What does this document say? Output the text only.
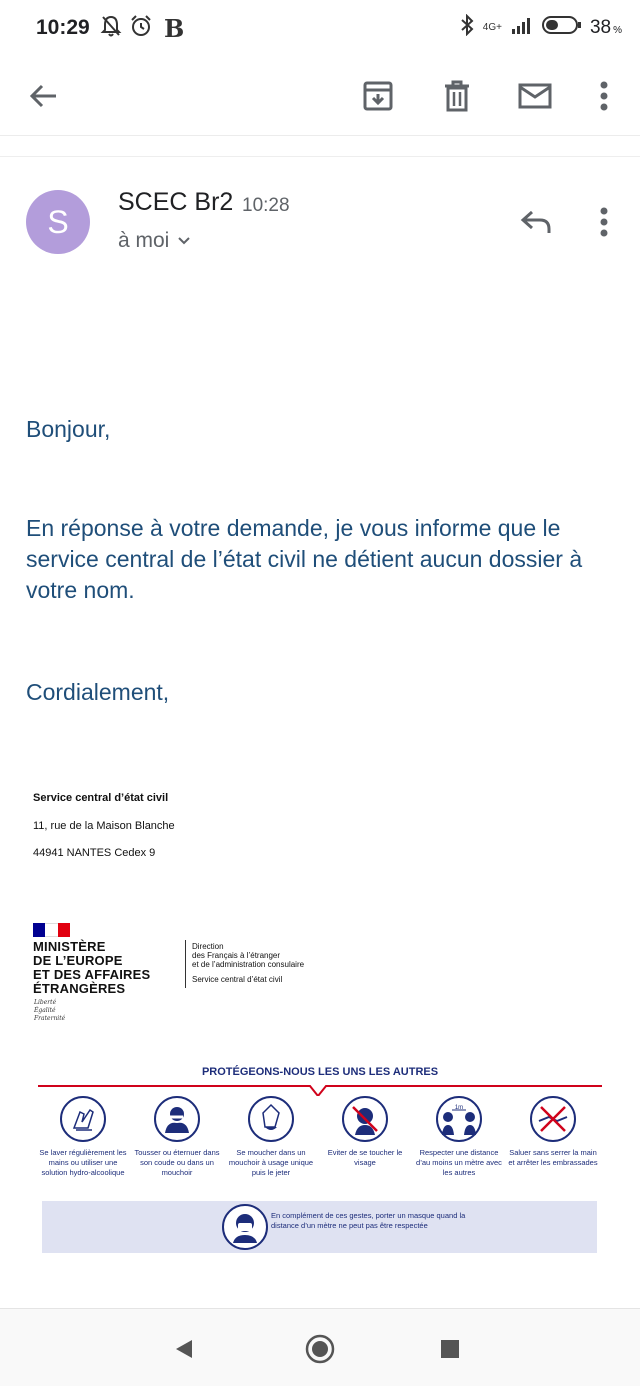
10:29	B	4G+	38 %
S
SCEC Br2 10:28
à moi

Bonjour,

En réponse à votre demande, je vous informe que le service central de l’état civil ne détient aucun dossier à votre nom.

Cordialement,

Service central d’état civil
11, rue de la Maison Blanche
44941 NANTES Cedex 9
MINISTÈRE
DE L’EUROPE
ET DES AFFAIRES
ÉTRANGÈRES
Liberté
Égalité
Fraternité
Direction
des Français à l’étranger
et de l’administration consulaire
Service central d’état civil
PROTÉGEONS-NOUS LES UNS LES AUTRES
Se laver régulièrement les mains ou utiliser une solution hydro-alcoolique
Tousser ou éternuer dans son coude ou dans un mouchoir
Se moucher dans un mouchoir à usage unique puis le jeter
Eviter de se toucher le visage
1m
Respecter une distance d’au moins un mètre avec les autres
Saluer sans serrer la main et arrêter les embrassades
En complément de ces gestes, porter un masque quand la distance d’un mètre ne peut pas être respectée
